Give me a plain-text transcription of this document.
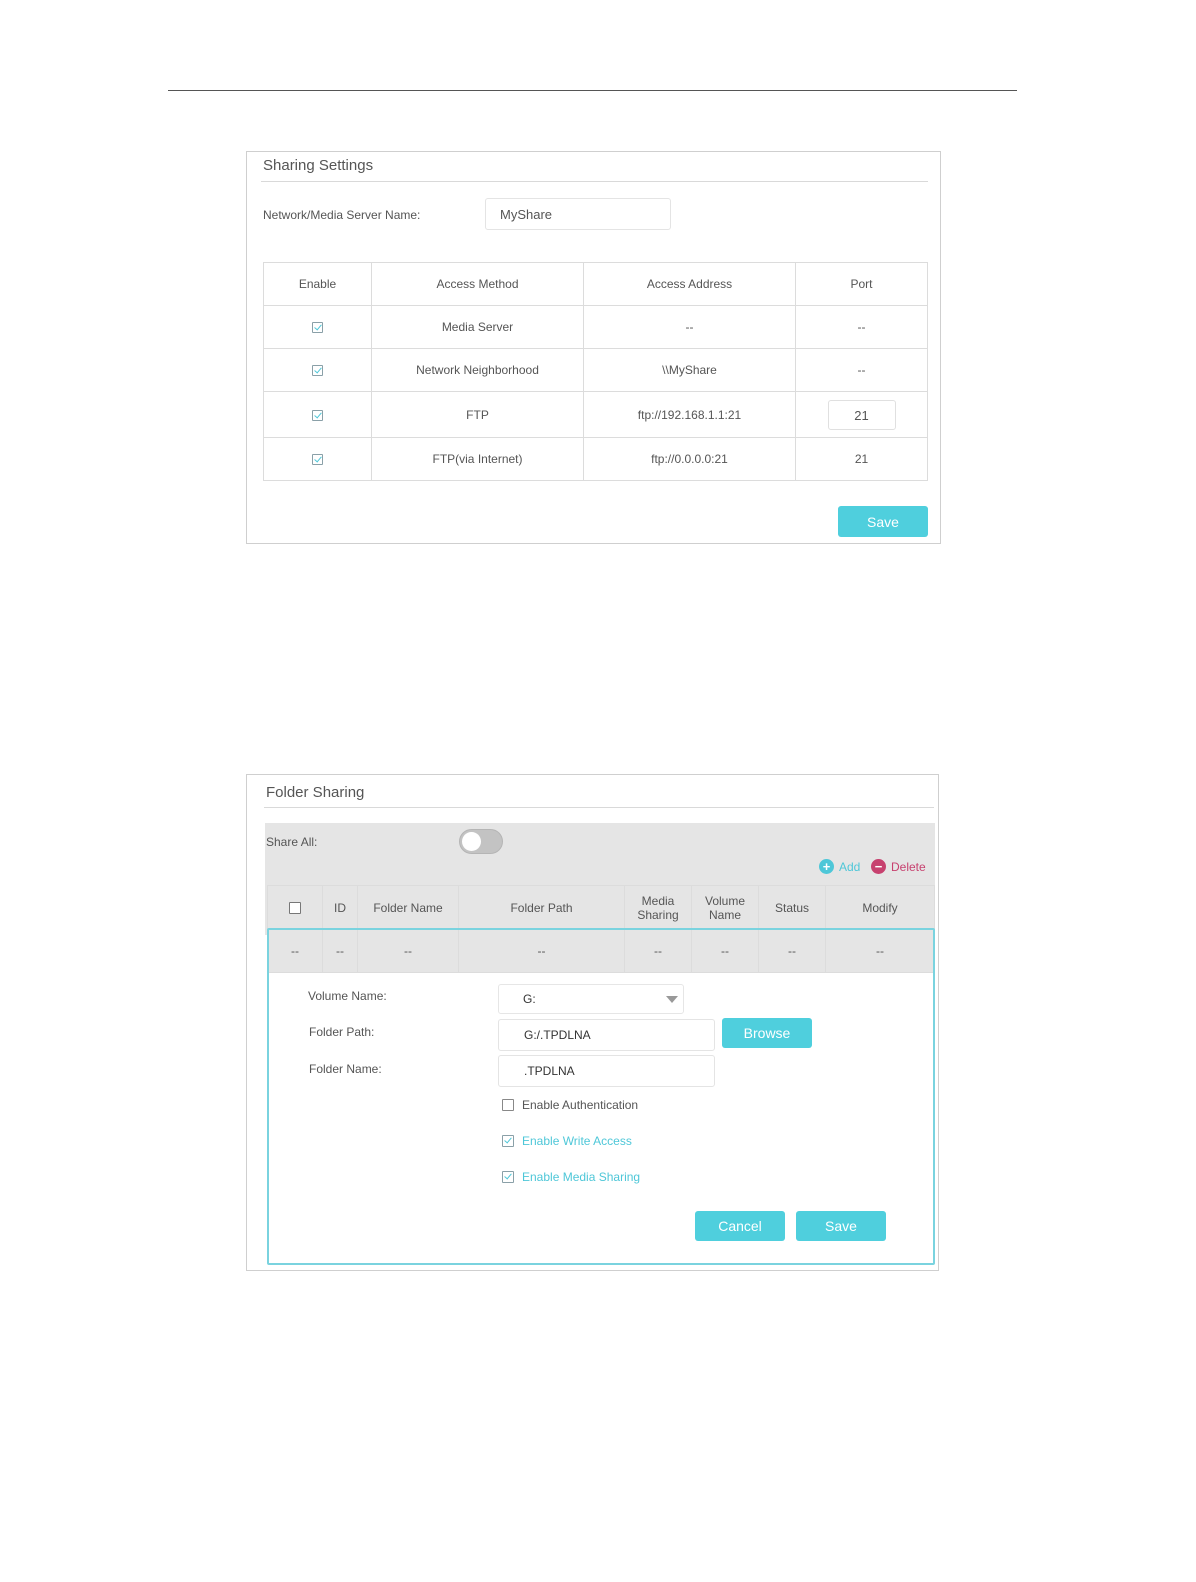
Sharing Settings
Network/Media Server Name:	MyShare
Enable	Access Method	Access Address	Port
	Media Server	--	--
	Network Neighborhood	\\MyShare	--
	FTP	ftp://192.168.1.1:21	21
	FTP(via Internet)	ftp://0.0.0.0:21	21
Save
Folder Sharing
Share All:
+ Add − Delete
	ID	Folder Name	Folder Path	Media Sharing	Volume Name	Status	Modify
--	--	--	--	--	--	--	--
Volume Name:	G:
Folder Path:	G:/.TPDLNA	Browse
Folder Name:	.TPDLNA
Enable Authentication
Enable Write Access
Enable Media Sharing
Cancel	Save
